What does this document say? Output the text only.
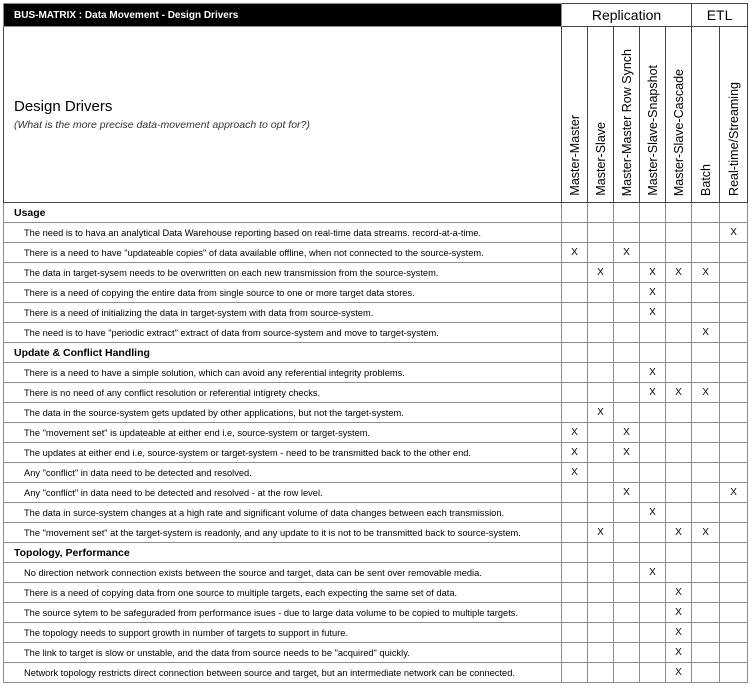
BUS-MATRIX : Data Movement - Design Drivers	Replication					ETL	

Design Drivers
(What is the more precise data-movement approach to opt for?)	Master-Master	Master-Slave	Master-Master Row Synch	Master-Slave-Snapshot	Master-Slave-Cascade	Batch	Real-time/Streaming

Usage							
The need is to hava an analytical Data Warehouse reporting based on real-time data streams. record-at-a-time.							X
There is a need to have "updateable copies" of data available offline, when not connected to the source-system.	X		X				
The data in target-sysem needs to be overwritten on each new transmission from the source-system.		X		X	X	X	
There is a need of copying the entire data from single source to one or more target data stores.				X			
There is a need of initializing the data in target-system with data from source-system.				X			
The need is to have "periodic extract" extract of data from source-system and move to target-system.						X	
Update & Conflict Handling							
There is a need to have a simple solution, which can avoid any referential integrity problems.				X			
There is no need of any conflict resolution or referential intigrety checks.				X	X	X	
The data in the source-system gets updated by other applications, but not the target-system.		X					
The "movement set" is updateable at either end i.e, source-system or target-system.	X		X				
The updates at either end i.e, source-system or target-system - need to be transmitted back to the other end.	X		X				
Any "conflict" in data need to be detected and resolved.	X						
Any "conflict" in data need to be detected and resolved - at the row level.			X				X
The data in surce-system changes at a high rate and significant volume of data changes between each transmission.				X			
The "movement set" at the target-system is readonly, and any update to it is not to be transmitted back to source-system.		X			X	X	
Topology, Performance							
No direction network connection exists between the source and target, data can be sent over removable media.				X			
There is a need of copying data from one source to multiple targets, each expecting the same set of data.					X		
The source sytem to be safeguraded from performance isues - due to large data volume to be copied to multiple targets.					X		
The topology needs to support growth in number of targets to support in future.					X		
The link to target is slow or unstable, and the data from source needs to be "acquired" quickly.					X		
Network topology restricts direct connection between source and target, but an intermediate network can be connected.					X		
